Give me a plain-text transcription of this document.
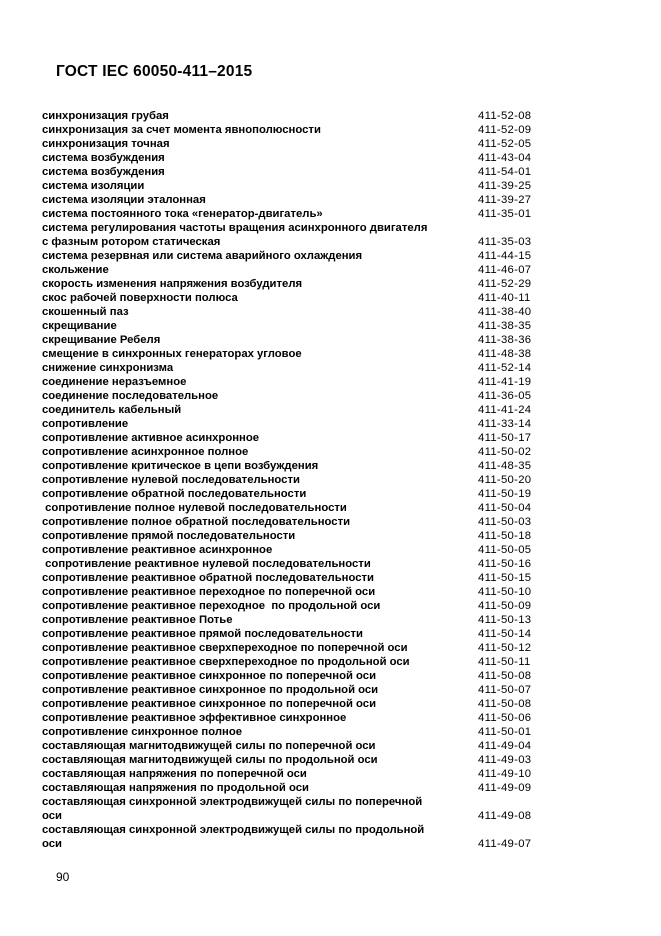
ГОСТ IEC 60050-411–2015
синхронизация грубая	411-52-08
синхронизация за счет момента явнополюсности	411-52-09
синхронизация точная	411-52-05
система возбуждения	411-43-04
система возбуждения	411-54-01
система изоляции	411-39-25
система изоляции эталонная	411-39-27
система постоянного тока «генератор-двигатель»	411-35-01
система регулирования частоты вращения асинхронного двигателя
с фазным ротором статическая	411-35-03
система резервная или система аварийного охлаждения	411-44-15
скольжение	411-46-07
скорость изменения напряжения возбудителя	411-52-29
скос рабочей поверхности полюса	411-40-11
скошенный паз	411-38-40
скрещивание	411-38-35
скрещивание Ребеля	411-38-36
смещение в синхронных генераторах угловое	411-48-38
снижение синхронизма	411-52-14
соединение неразъемное	411-41-19
соединение последовательное	411-36-05
соединитель кабельный	411-41-24
сопротивление	411-33-14
сопротивление активное асинхронное	411-50-17
сопротивление асинхронное полное	411-50-02
сопротивление критическое в цепи возбуждения	411-48-35
сопротивление нулевой последовательности	411-50-20
сопротивление обратной последовательности	411-50-19
сопротивление полное нулевой последовательности	411-50-04
сопротивление полное обратной последовательности	411-50-03
сопротивление прямой последовательности	411-50-18
сопротивление реактивное асинхронное	411-50-05
сопротивление реактивное нулевой последовательности	411-50-16
сопротивление реактивное обратной последовательности	411-50-15
сопротивление реактивное переходное по поперечной оси	411-50-10
сопротивление реактивное переходное  по продольной оси	411-50-09
сопротивление реактивное Потье	411-50-13
сопротивление реактивное прямой последовательности	411-50-14
сопротивление реактивное сверхпереходное по поперечной оси	411-50-12
сопротивление реактивное сверхпереходное по продольной оси	411-50-11
сопротивление реактивное синхронное по поперечной оси	411-50-08
сопротивление реактивное синхронное по продольной оси	411-50-07
сопротивление реактивное синхронное по поперечной оси	411-50-08
сопротивление реактивное эффективное синхронное	411-50-06
сопротивление синхронное полное	411-50-01
составляющая магнитодвижущей силы по поперечной оси	411-49-04
составляющая магнитодвижущей силы по продольной оси	411-49-03
составляющая напряжения по поперечной оси	411-49-10
составляющая напряжения по продольной оси	411-49-09
составляющая синхронной электродвижущей силы по поперечной
оси	411-49-08
составляющая синхронной электродвижущей силы по продольной
оси	411-49-07
90
